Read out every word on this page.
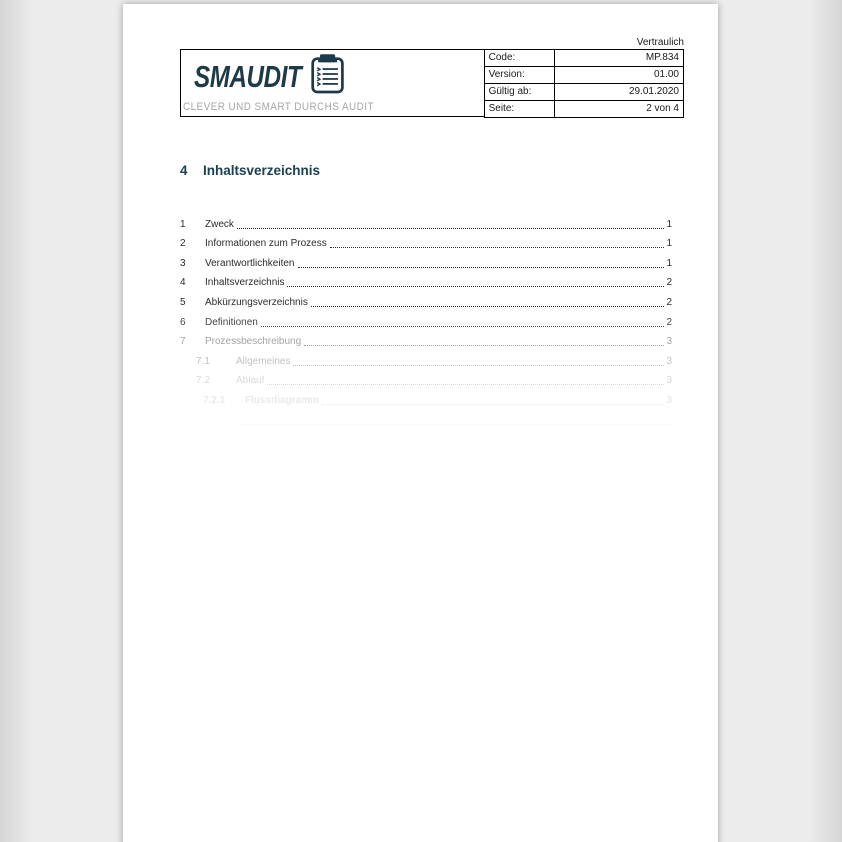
Vertraulich
SMAUDIT
CLEVER UND SMART DURCHS AUDIT
Code:	MP.834
Version:	01.00
Gültig ab:	29.01.2020
Seite:	2 von 4
4	Inhaltsverzeichnis
1	Zweck	1
2	Informationen zum Prozess	1
3	Verantwortlichkeiten	1
4	Inhaltsverzeichnis	2
5	Abkürzungsverzeichnis	2
6	Definitionen	2
7	Prozessbeschreibung	3
7.1	Allgemeines	3
7.2	Ablauf	3
7.2.1	Flussdiagramm	3
